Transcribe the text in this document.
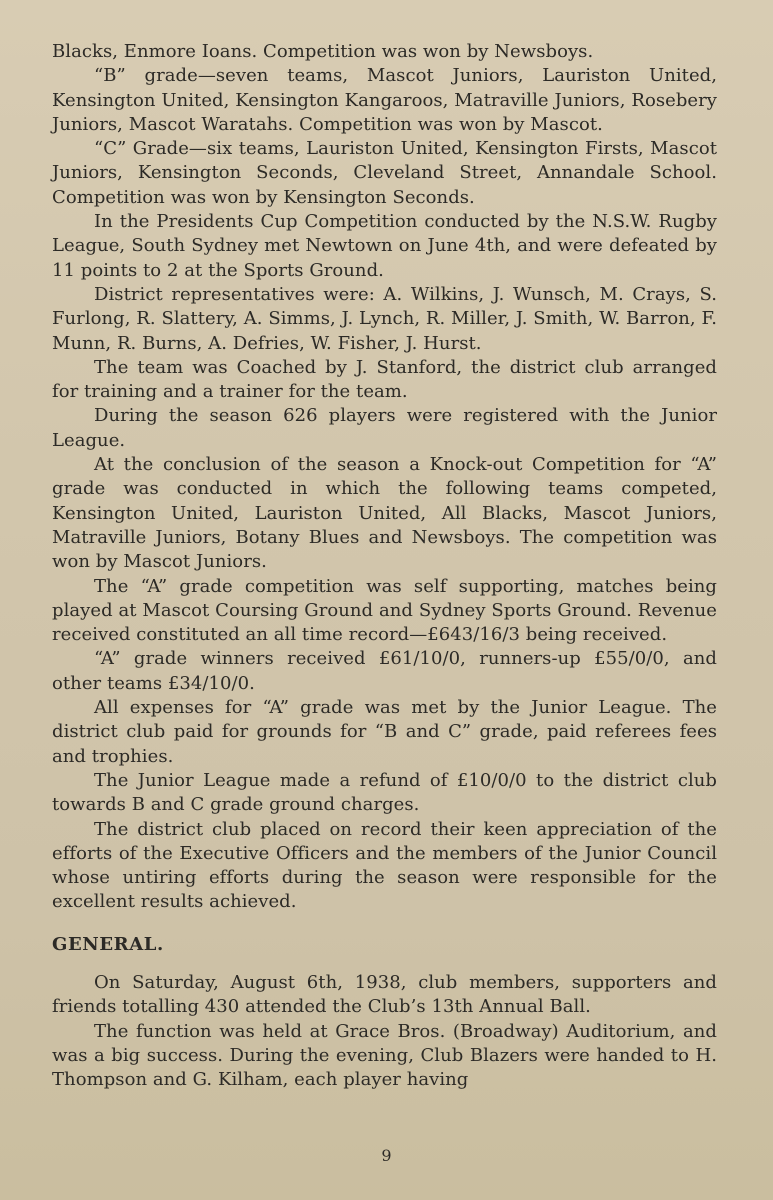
Blacks, Enmore Ioans. Competition was won by Newsboys.

“B” grade—seven teams, Mascot Juniors, Lauriston United, Kensington United, Kensington Kangaroos, Matraville Juniors, Rosebery Juniors, Mascot Waratahs. Competition was won by Mascot.

“C” Grade—six teams, Lauriston United, Kensington Firsts, Mascot Juniors, Kensington Seconds, Cleveland Street, Annandale School. Competition was won by Kensington Seconds.

In the Presidents Cup Competition conducted by the N.S.W. Rugby League, South Sydney met Newtown on June 4th, and were defeated by 11 points to 2 at the Sports Ground.

District representatives were: A. Wilkins, J. Wunsch, M. Crays, S. Furlong, R. Slattery, A. Simms, J. Lynch, R. Miller, J. Smith, W. Barron, F. Munn, R. Burns, A. Defries, W. Fisher, J. Hurst.

The team was Coached by J. Stanford, the district club arranged for training and a trainer for the team.

During the season 626 players were registered with the Junior League.

At the conclusion of the season a Knock-out Competition for “A” grade was conducted in which the following teams competed, Kensington United, Lauriston United, All Blacks, Mascot Juniors, Matraville Juniors, Botany Blues and Newsboys. The competition was won by Mascot Juniors.

The “A” grade competition was self supporting, matches being played at Mascot Coursing Ground and Sydney Sports Ground. Revenue received constituted an all time record—£643/16/3 being received.

“A” grade winners received £61/10/0, runners-up £55/0/0, and other teams £34/10/0.

All expenses for “A” grade was met by the Junior League. The district club paid for grounds for “B and C” grade, paid referees fees and trophies.

The Junior League made a refund of £10/0/0 to the district club towards B and C grade ground charges.

The district club placed on record their keen appreciation of the efforts of the Executive Officers and the members of the Junior Council whose untiring efforts during the season were responsible for the excellent results achieved.

GENERAL.

On Saturday, August 6th, 1938, club members, supporters and friends totalling 430 attended the Club’s 13th Annual Ball.

The function was held at Grace Bros. (Broadway) Auditorium, and was a big success. During the evening, Club Blazers were handed to H. Thompson and G. Kilham, each player having

9
